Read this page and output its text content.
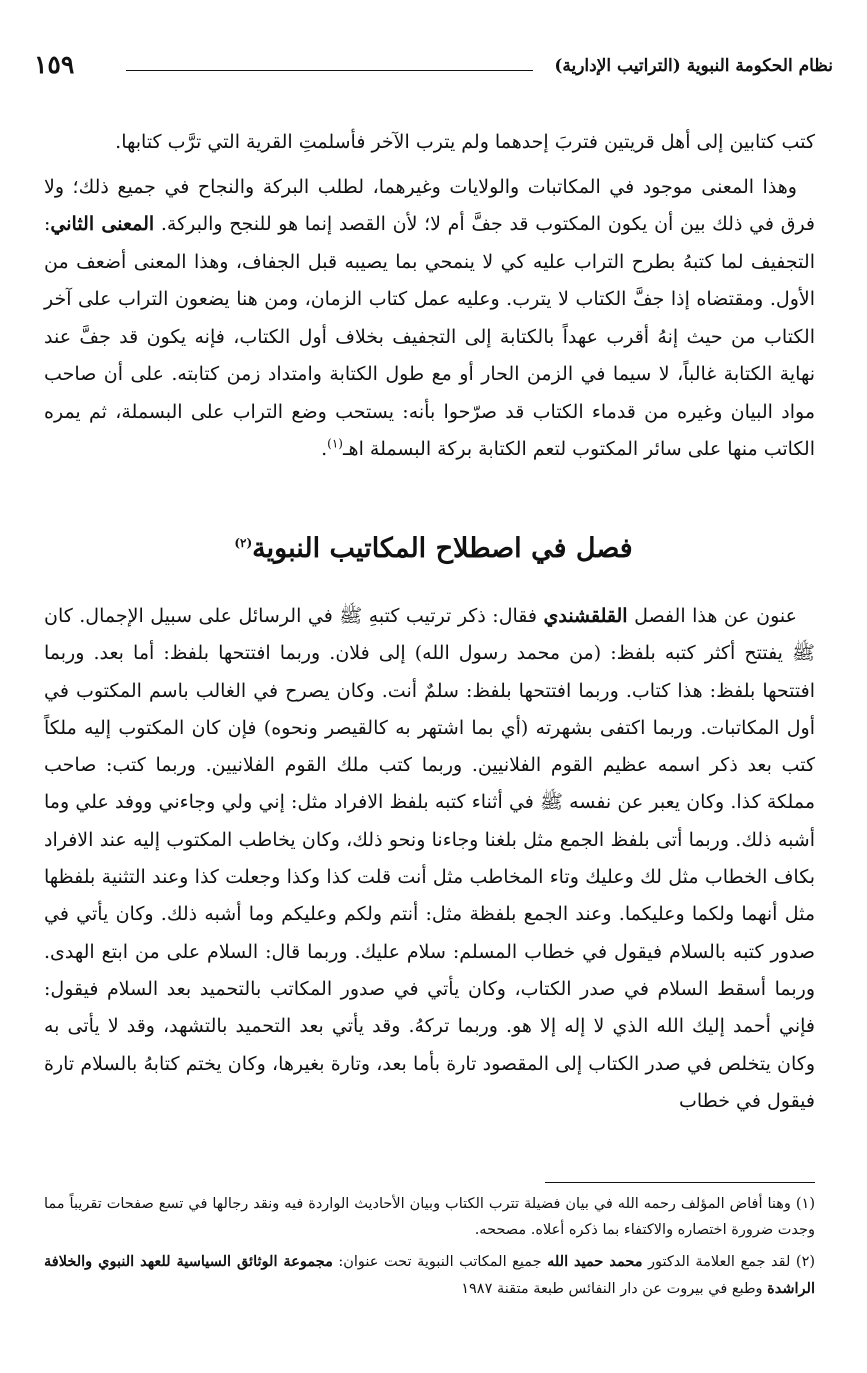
نظام الحكومة النبوية (التراتيب الإدارية)
١٥٩

كتب كتابين إلى أهل قريتين فتربَ إحدهما ولم يترب الآخر فأسلمتِ القرية التي ترَّب كتابها.

وهذا المعنى موجود في المكاتبات والولايات وغيرهما، لطلب البركة والنجاح في جميع ذلك؛ ولا فرق في ذلك بين أن يكون المكتوب قد جفَّ أم لا؛ لأن القصد إنما هو للنجح والبركة. المعنى الثاني: التجفيف لما كتبهُ بطرح التراب عليه كي لا ينمحي بما يصيبه قبل الجفاف، وهذا المعنى أضعف من الأول. ومقتضاه إذا جفَّ الكتاب لا يترب. وعليه عمل كتاب الزمان، ومن هنا يضعون التراب على آخر الكتاب من حيث إنهُ أقرب عهداً بالكتابة إلى التجفيف بخلاف أول الكتاب، فإنه يكون قد جفَّ عند نهاية الكتابة غالباً، لا سيما في الزمن الحار أو مع طول الكتابة وامتداد زمن كتابته. على أن صاحب مواد البيان وغيره من قدماء الكتاب قد صرّحوا بأنه: يستحب وضع التراب على البسملة، ثم يمره الكاتب منها على سائر المكتوب لتعم الكتابة بركة البسملة اهـ$^{(١)}$.

فصل في اصطلاح المكاتيب النبوية$^{(٢)}$

عنون عن هذا الفصل القلقشندي فقال: ذكر ترتيب كتبهِ ﷺ في الرسائل على سبيل الإجمال. كان ﷺ يفتتح أكثر كتبه بلفظ: (من محمد رسول الله) إلى فلان. وربما افتتحها بلفظ: أما بعد. وربما افتتحها بلفظ: هذا كتاب. وربما افتتحها بلفظ: سلمٌ أنت. وكان يصرح في الغالب باسم المكتوب في أول المكاتبات. وربما اكتفى بشهرته (أي بما اشتهر به كالقيصر ونحوه) فإن كان المكتوب إليه ملكاً كتب بعد ذكر اسمه عظيم القوم الفلانيين. وربما كتب ملك القوم الفلانيين. وربما كتب: صاحب مملكة كذا. وكان يعبر عن نفسه ﷺ في أثناء كتبه بلفظ الافراد مثل: إني ولي وجاءني ووفد علي وما أشبه ذلك. وربما أتى بلفظ الجمع مثل بلغنا وجاءنا ونحو ذلك، وكان يخاطب المكتوب إليه عند الافراد بكاف الخطاب مثل لك وعليك وتاء المخاطب مثل أنت قلت كذا وكذا وجعلت كذا وعند التثنية بلفظها مثل أنهما ولكما وعليكما. وعند الجمع بلفظة مثل: أنتم ولكم وعليكم وما أشبه ذلك. وكان يأتي في صدور كتبه بالسلام فيقول في خطاب المسلم: سلام عليك. وربما قال: السلام على من ابتع الهدى. وربما أسقط السلام في صدر الكتاب، وكان يأتي في صدور المكاتب بالتحميد بعد السلام فيقول: فإني أحمد إليك الله الذي لا إله إلا هو. وربما تركهُ. وقد يأتي بعد التحميد بالتشهد، وقد لا يأتى به وكان يتخلص في صدر الكتاب إلى المقصود تارة بأما بعد، وتارة بغيرها، وكان يختم كتابهُ بالسلام تارة فيقول في خطاب

(١) وهنا أفاض المؤلف رحمه الله في بيان فضيلة تترب الكتاب وبيان الأحاديث الواردة فيه ونقد رجالها في تسع صفحات تقريباً مما وجدت ضرورة اختصاره والاكتفاء بما ذكره أعلاه. مصححه.

(٢) لقد جمع العلامة الدكتور محمد حميد الله جميع المكاتب النبوية تحت عنوان: مجموعة الوثائق السياسية للعهد النبوي والخلافة الراشدة وطبع في بيروت عن دار النفائس طبعة متقنة ١٩٨٧
